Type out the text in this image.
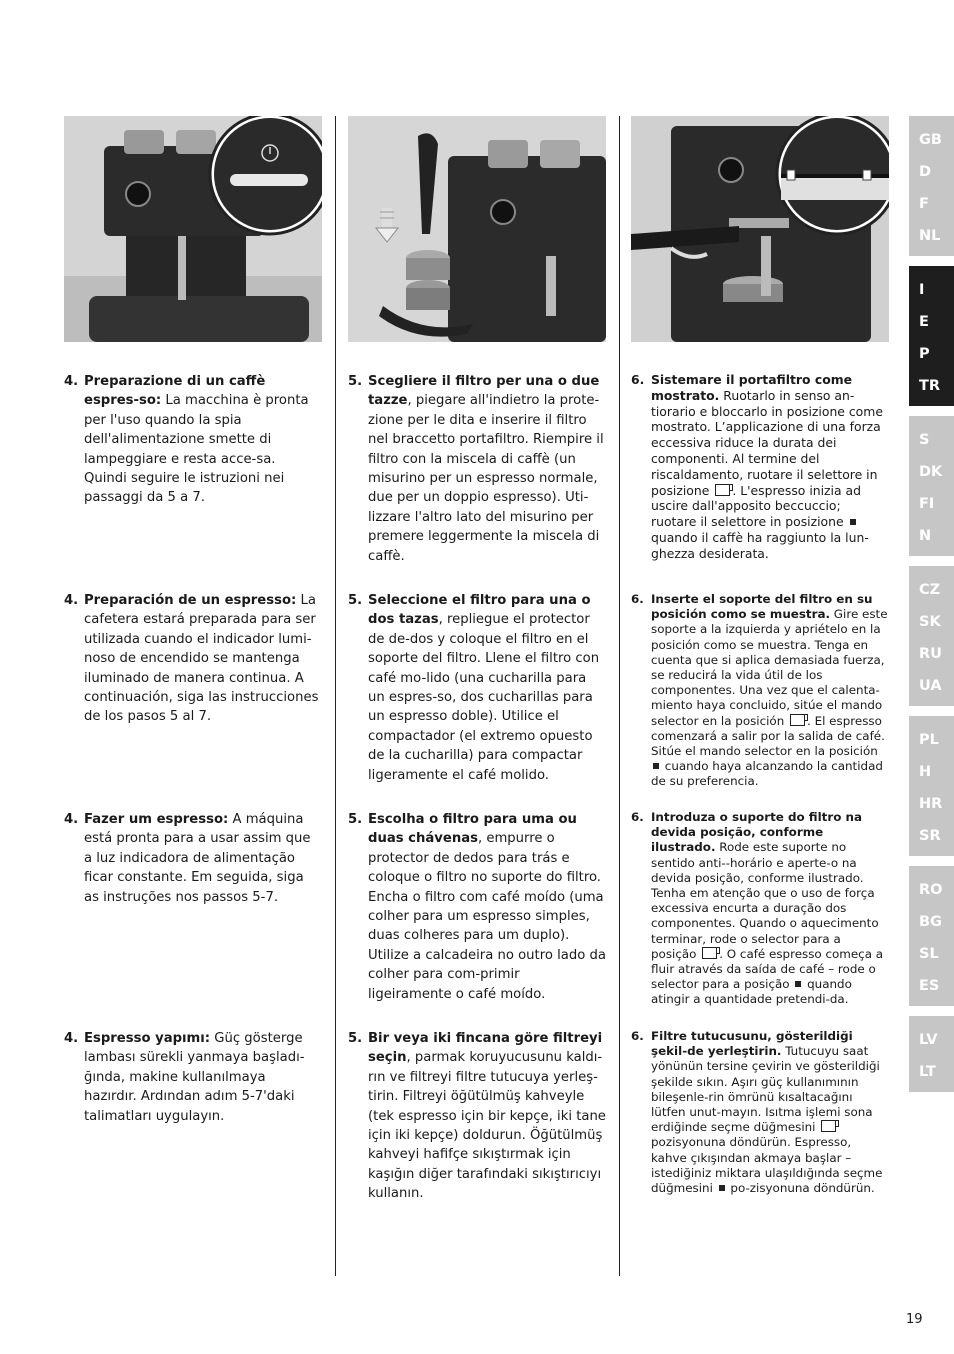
4. Preparazione di un caffè espres-so: La macchina è pronta per l'uso quando la spia dell'alimentazione smette di lampeggiare e resta acce-sa. Quindi seguire le istruzioni nei passaggi da 5 a 7.
4. Preparación de un espresso: La cafetera estará preparada para ser utilizada cuando el indicador lumi-noso de encendido se mantenga iluminado de manera continua. A continuación, siga las instrucciones de los pasos 5 al 7.
4. Fazer um espresso: A máquina está pronta para a usar assim que a luz indicadora de alimentação ficar constante. Em seguida, siga as instruções nos passos 5-7.
4. Espresso yapımı: Güç gösterge lambası sürekli yanmaya başladı-ğında, makine kullanılmaya hazırdır. Ardından adım 5-7'daki talimatları uygulayın.
5. Scegliere il filtro per una o due tazze, piegare all'indietro la prote-zione per le dita e inserire il filtro nel braccetto portafiltro. Riempire il filtro con la miscela di caffè (un misurino per un espresso normale, due per un doppio espresso). Uti-lizzare l'altro lato del misurino per premere leggermente la miscela di caffè.
5. Seleccione el filtro para una o dos tazas, repliegue el protector de de-dos y coloque el filtro en el soporte del filtro. Llene el filtro con café mo-lido (una cucharilla para un espres-so, dos cucharillas para un espresso doble). Utilice el compactador (el extremo opuesto de la cucharilla) para compactar ligeramente el café molido.
5. Escolha o filtro para uma ou duas chávenas, empurre o protector de dedos para trás e coloque o filtro no suporte do filtro. Encha o filtro com café moído (uma colher para um espresso simples, duas colheres para um duplo). Utilize a calcadeira no outro lado da colher para com-primir ligeiramente o café moído.
5. Bir veya iki fincana göre filtreyi seçin, parmak koruyucusunu kaldı-rın ve filtreyi filtre tutucuya yerleş-tirin. Filtreyi öğütülmüş kahveyle (tek espresso için bir kepçe, iki tane için iki kepçe) doldurun. Öğütülmüş kahveyi hafifçe sıkıştırmak için kaşığın diğer tarafındaki sıkıştırıcıyı kullanın.
6. Sistemare il portafiltro come mostrato. Ruotarlo in senso an-tiorario e bloccarlo in posizione come mostrato. L’applicazione di una forza eccessiva riduce la durata dei componenti. Al termine del riscaldamento, ruotare il selettore in posizione . L'espresso inizia ad uscire dall'apposito beccuccio; ruotare il selettore in posizione  quando il caffè ha raggiunto la lun-ghezza desiderata.
6. Inserte el soporte del filtro en su posición como se muestra. Gire este soporte a la izquierda y apriételo en la posición como se muestra. Tenga en cuenta que si aplica demasiada fuerza, se reducirá la vida útil de los componentes. Una vez que el calenta-miento haya concluido, sitúe el mando selector en la posición . El espresso comenzará a salir por la salida de café. Sitúe el mando selector en la posición  cuando haya alcanzando la cantidad de su preferencia.
6. Introduza o suporte do filtro na devida posição, conforme ilustrado. Rode este suporte no sentido anti--horário e aperte-o na devida posição, conforme ilustrado. Tenha em atenção que o uso de força excessiva encurta a duração dos componentes. Quando o aquecimento terminar, rode o selector para a posição . O café espresso começa a fluir através da saída de café – rode o selector para a posição  quando atingir a quantidade pretendi-da.
6. Filtre tutucusunu, gösterildiği şekil-de yerleştirin. Tutucuyu saat yönünün tersine çevirin ve gösterildiği şekilde sıkın. Aşırı güç kullanımının bileşenle-rin ömrünü kısaltacağını lütfen unut-mayın. Isıtma işlemi sona erdiğinde seçme düğmesini  pozisyonuna döndürün. Espresso, kahve çıkışından akmaya başlar – istediğiniz miktara ulaşıldığında seçme düğmesini  po-zisyonuna döndürün.
GB
D
F
NL
I
E
P
TR
S
DK
FI
N
CZ
SK
RU
UA
PL
H
HR
SR
RO
BG
SL
ES
LV
LT
19
